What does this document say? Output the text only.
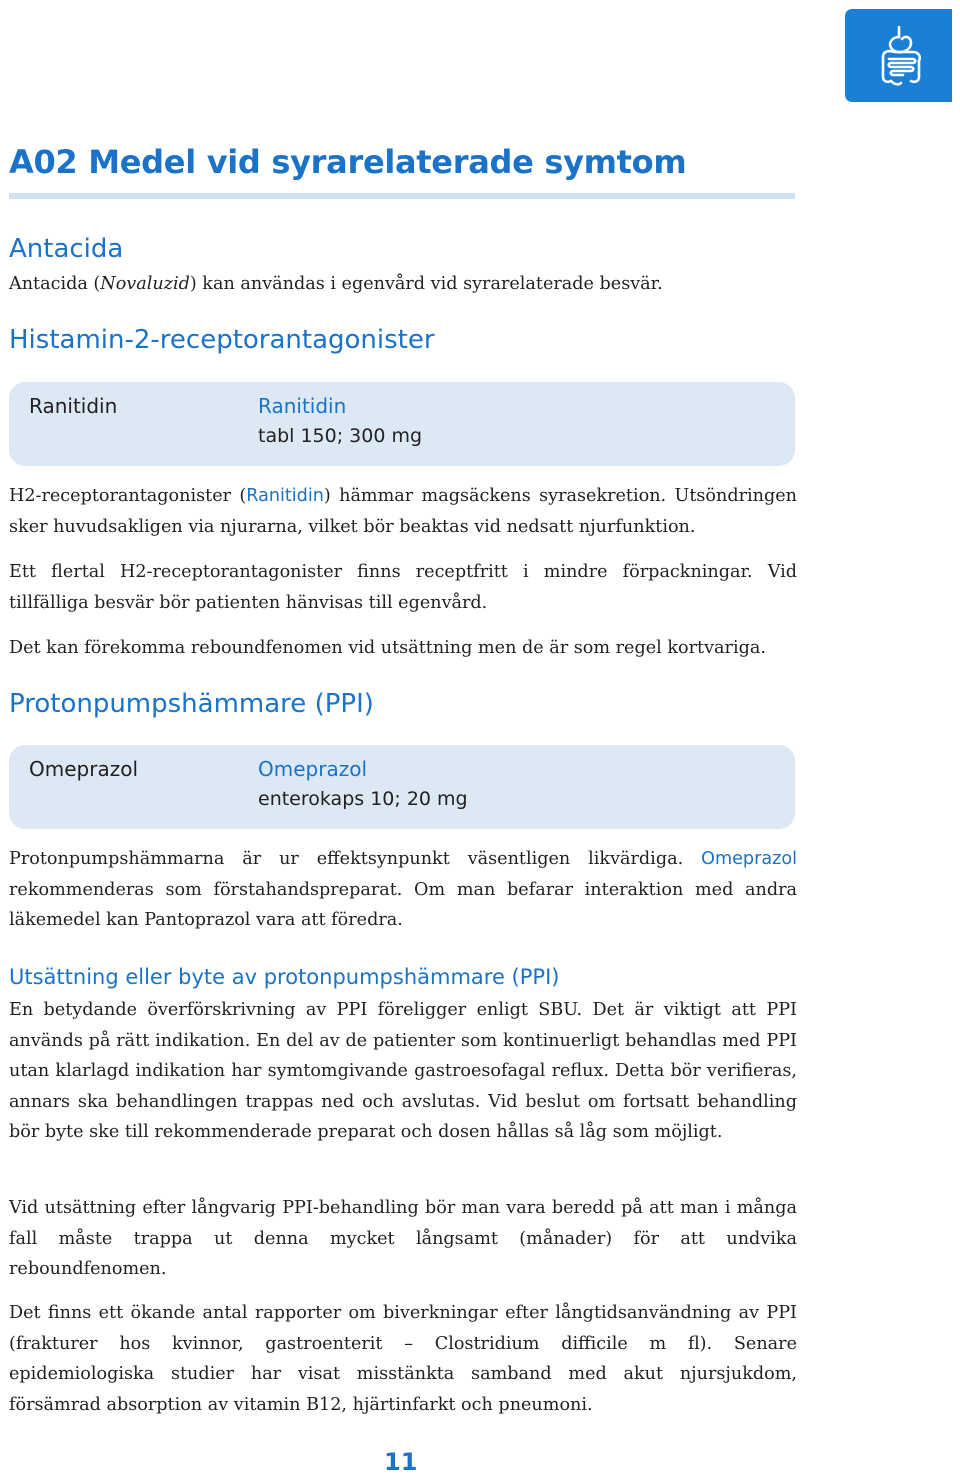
A02 Medel vid syrarelaterade symtom
Antacida

Antacida (Novaluzid) kan användas i egenvård vid syrarelaterade besvär.

Histamin-2-receptorantagonister
Ranitidin	Ranitidin
tabl 150; 300 mg

H2-receptorantagonister (Ranitidin) hämmar magsäckens syrasekretion. Utsöndringen sker huvudsakligen via njurarna, vilket bör beaktas vid nedsatt njurfunktion.

Ett flertal H2-receptorantagonister finns receptfritt i mindre förpackningar. Vid tillfälliga besvär bör patienten hänvisas till egenvård.

Det kan förekomma reboundfenomen vid utsättning men de är som regel kortvariga.

Protonpumpshämmare (PPI)
Omeprazol	Omeprazol
enterokaps 10; 20 mg

Protonpumpshämmarna är ur effektsynpunkt väsentligen likvärdiga. Omeprazol rekommenderas som förstahandspreparat. Om man befarar interaktion med andra läkemedel kan Pantoprazol vara att föredra.

Utsättning eller byte av protonpumpshämmare (PPI)

En betydande överförskrivning av PPI föreligger enligt SBU. Det är viktigt att PPI används på rätt indikation. En del av de patienter som kontinuerligt behandlas med PPI utan klarlagd indikation har symtomgivande gastroesofagal reflux. Detta bör verifieras, annars ska behandlingen trappas ned och avslutas. Vid beslut om fortsatt behandling bör byte ske till rekommenderade preparat och dosen hållas så låg som möjligt.

Vid utsättning efter långvarig PPI-behandling bör man vara beredd på att man i många fall måste trappa ut denna mycket långsamt (månader) för att undvika reboundfenomen.

Det finns ett ökande antal rapporter om biverkningar efter långtidsanvändning av PPI (frakturer hos kvinnor, gastroenterit – Clostridium difficile m fl). Senare epidemiologiska studier har visat misstänkta samband med akut njursjukdom, försämrad absorption av vitamin B12, hjärtinfarkt och pneumoni.

11
